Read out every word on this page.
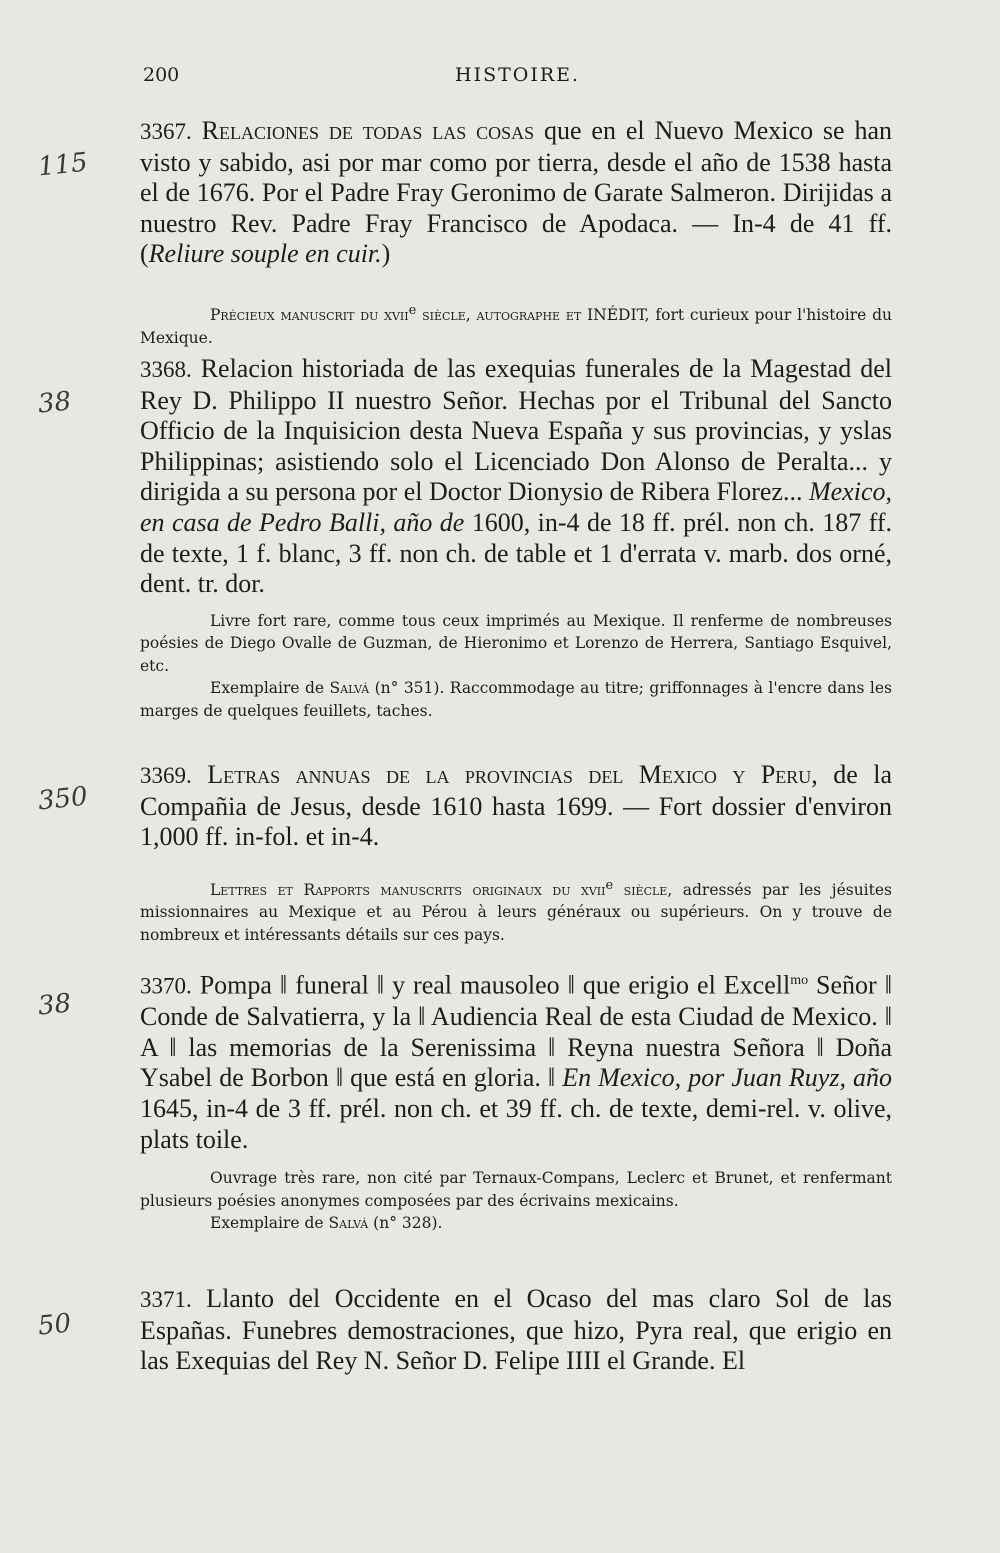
200	HISTOIRE.
115

3367. Relaciones de todas las cosas que en el Nuevo Mexico se han visto y sabido, asi por mar como por tierra, desde el año de 1538 hasta el de 1676. Por el Padre Fray Geronimo de Garate Salmeron. Dirijidas a nuestro Rev. Padre Fray Francisco de Apodaca. — In-4 de 41 ff. (Reliure souple en cuir.)

Précieux manuscrit du xvii$^e$ siècle, autographe et INÉDIT, fort curieux pour l'histoire du Mexique.

38

3368. Relacion historiada de las exequias funerales de la Magestad del Rey D. Philippo II nuestro Señor. Hechas por el Tribunal del Sancto Officio de la Inquisicion desta Nueva España y sus provincias, y yslas Philippinas; asistiendo solo el Licenciado Don Alonso de Peralta... y dirigida a su persona por el Doctor Dionysio de Ribera Florez... Mexico, en casa de Pedro Balli, año de 1600, in-4 de 18 ff. prél. non ch. 187 ff. de texte, 1 f. blanc, 3 ff. non ch. de table et 1 d'errata v. marb. dos orné, dent. tr. dor.

Livre fort rare, comme tous ceux imprimés au Mexique. Il renferme de nombreuses poésies de Diego Ovalle de Guzman, de Hieronimo et Lorenzo de Herrera, Santiago Esquivel, etc.

Exemplaire de Salvá (n° 351). Raccommodage au titre; griffonnages à l'encre dans les marges de quelques feuillets, taches.

350

3369. Letras annuas de la provincias del Mexico y Peru, de la Compañia de Jesus, desde 1610 hasta 1699. — Fort dossier d'environ 1,000 ff. in-fol. et in-4.

Lettres et Rapports manuscrits originaux du xvii$^e$ siècle, adressés par les jésuites missionnaires au Mexique et au Pérou à leurs généraux ou supérieurs. On y trouve de nombreux et intéressants détails sur ces pays.

38

3370. Pompa ‖ funeral ‖ y real mausoleo ‖ que erigio el Excell$^{mo}$ Señor ‖ Conde de Salvatierra, y la ‖ Audiencia Real de esta Ciudad de Mexico. ‖ A ‖ las memorias de la Serenissima ‖ Reyna nuestra Señora ‖ Doña Ysabel de Borbon ‖ que está en gloria. ‖ En Mexico, por Juan Ruyz, año 1645, in-4 de 3 ff. prél. non ch. et 39 ff. ch. de texte, demi-rel. v. olive, plats toile.

Ouvrage très rare, non cité par Ternaux-Compans, Leclerc et Brunet, et renfermant plusieurs poésies anonymes composées par des écrivains mexicains.

Exemplaire de Salvá (n° 328).

50

3371. Llanto del Occidente en el Ocaso del mas claro Sol de las Españas. Funebres demostraciones, que hizo, Pyra real, que erigio en las Exequias del Rey N. Señor D. Felipe IIII el Grande. El
